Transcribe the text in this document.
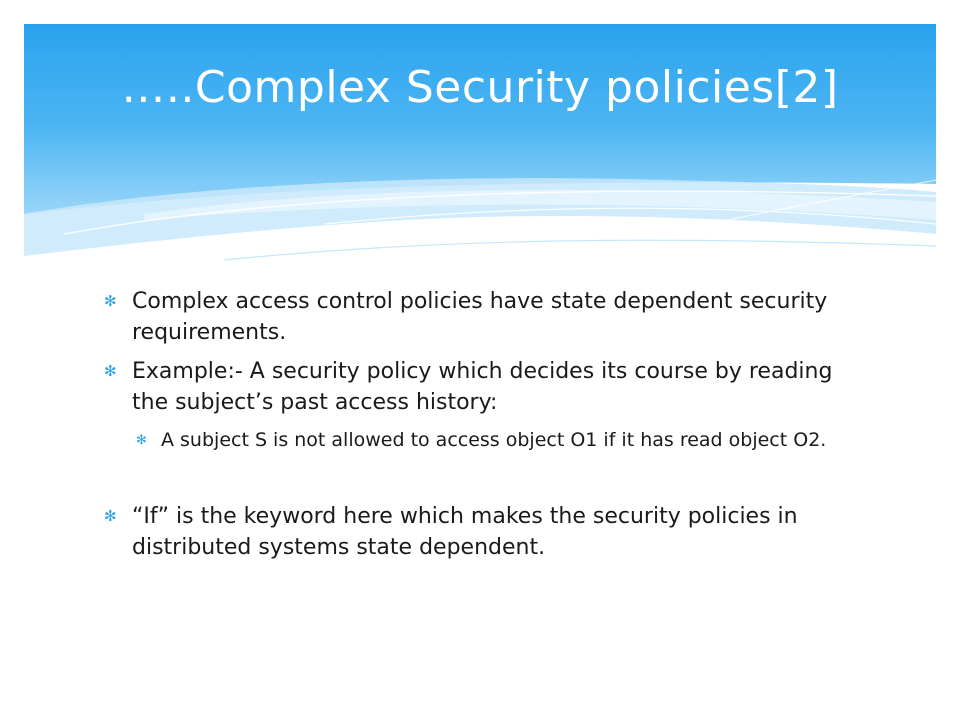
…..Complex Security policies[2]
✻ Complex access control policies have state dependent security requirements.
✻ Example:- A security policy which decides its course by reading the subject’s past access history:
✻ A subject S is not allowed to access object O1 if it has read object O2.
✻ “If” is the keyword here which makes the security policies in distributed systems state dependent.
